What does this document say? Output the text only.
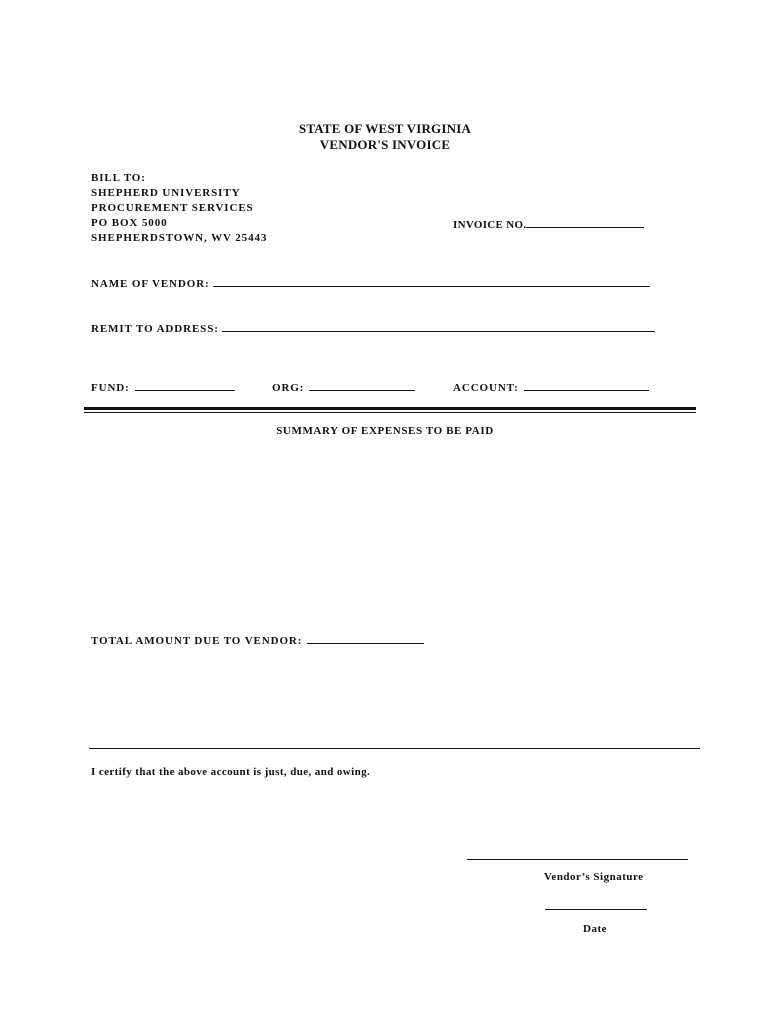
STATE OF WEST VIRGINIA
VENDOR'S INVOICE
BILL TO:
SHEPHERD UNIVERSITY
PROCUREMENT SERVICES
PO BOX 5000
SHEPHERDSTOWN, WV 25443
INVOICE NO.
NAME OF VENDOR:
REMIT TO ADDRESS:
FUND:	ORG:	ACCOUNT:
SUMMARY OF EXPENSES TO BE PAID
TOTAL AMOUNT DUE TO VENDOR:
I certify that the above account is just, due, and owing.
Vendor’s Signature
Date
